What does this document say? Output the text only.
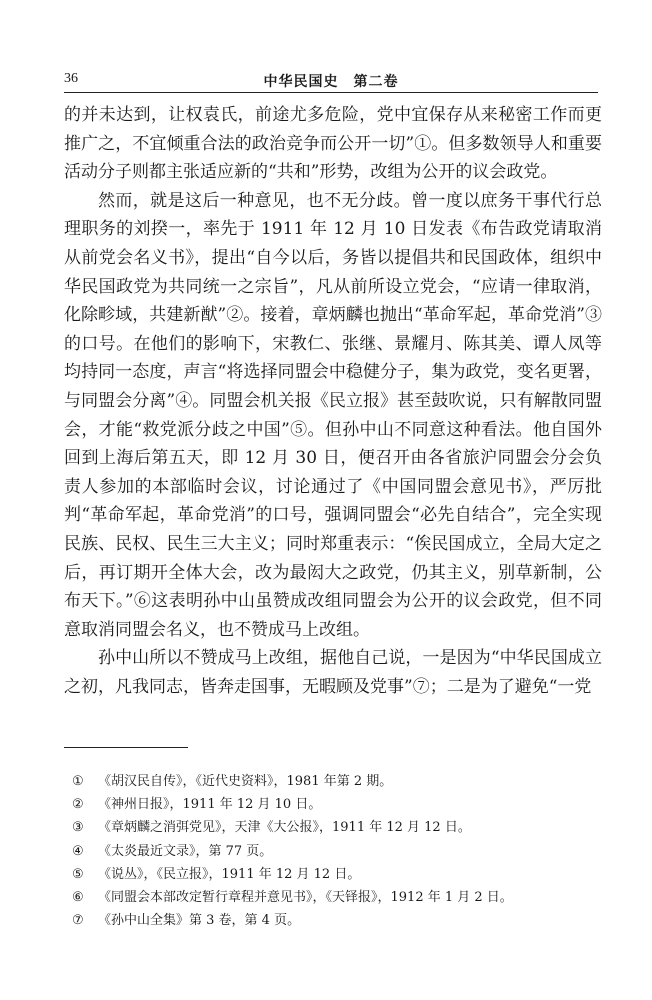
36	中华民国史　第二卷

的并未达到，让权袁氏，前途尤多危险，党中宜保存从来秘密工作而更推广之，不宜倾重合法的政治竞争而公开一切”①。但多数领导人和重要活动分子则都主张适应新的“共和”形势，改组为公开的议会政党。

然而，就是这后一种意见，也不无分歧。曾一度以庶务干事代行总理职务的刘揆一，率先于 1911 年 12 月 10 日发表《布告政党请取消从前党会名义书》，提出“自今以后，务皆以提倡共和民国政体，组织中华民国政党为共同统一之宗旨”，凡从前所设立党会，“应请一律取消，化除畛域，共建新猷”②。接着，章炳麟也抛出“革命军起，革命党消”③的口号。在他们的影响下，宋教仁、张继、景耀月、陈其美、谭人凤等均持同一态度，声言“将选择同盟会中稳健分子，集为政党，变名更署，与同盟会分离”④。同盟会机关报《民立报》甚至鼓吹说，只有解散同盟会，才能“救党派分歧之中国”⑤。但孙中山不同意这种看法。他自国外回到上海后第五天，即 12 月 30 日，便召开由各省旅沪同盟会分会负责人参加的本部临时会议，讨论通过了《中国同盟会意见书》，严厉批判“革命军起，革命党消”的口号，强调同盟会“必先自结合”，完全实现民族、民权、民生三大主义；同时郑重表示：“俟民国成立，全局大定之后，再订期开全体大会，改为最闳大之政党，仍其主义，别草新制，公布天下。”⑥这表明孙中山虽赞成改组同盟会为公开的议会政党，但不同意取消同盟会名义，也不赞成马上改组。

孙中山所以不赞成马上改组，据他自己说，一是因为“中华民国成立之初，凡我同志，皆奔走国事，无暇顾及党事”⑦；二是为了避免“一党

①	《胡汉民自传》，《近代史资料》，1981 年第 2 期。
②	《神州日报》，1911 年 12 月 10 日。
③	《章炳麟之消弭党见》，天津《大公报》，1911 年 12 月 12 日。
④	《太炎最近文录》，第 77 页。
⑤	《说丛》，《民立报》，1911 年 12 月 12 日。
⑥	《同盟会本部改定暂行章程并意见书》，《天铎报》，1912 年 1 月 2 日。
⑦	《孙中山全集》第 3 卷，第 4 页。
